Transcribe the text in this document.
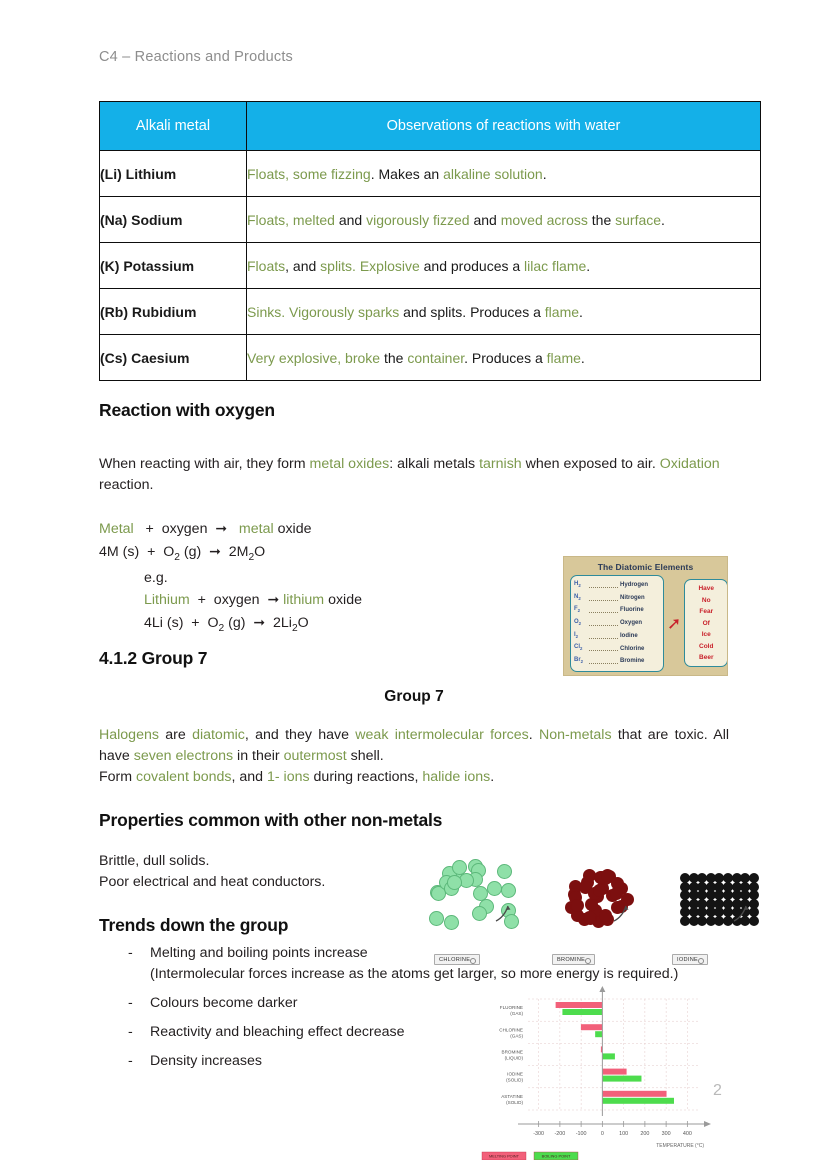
C4 – Reactions and Products
Alkali metal	Observations of reactions with water
(Li) Lithium	Floats, some fizzing. Makes an alkaline solution.
(Na) Sodium	Floats, melted and vigorously fizzed and moved across the surface.
(K) Potassium	Floats, and splits. Explosive and produces a lilac flame.
(Rb) Rubidium	Sinks. Vigorously sparks and splits. Produces a flame.
(Cs) Caesium	Very explosive, broke the container. Produces a flame.
Reaction with oxygen
When reacting with air, they form metal oxides: alkali metals tarnish when exposed to air. Oxidation reaction.
Metal   +  oxygen  ➞ metal oxide
4M $(s) + O_2$ (g)  ➞  $2M_2O$
e.g.
Lithium  +  oxygen  ➞ lithium oxide
4Li $(s) + O_2$ (g)  ➞  $2Li_2O$
The Diatomic Elements
$H_2$	Hydrogen
$N_2$	Nitrogen
$F_2$	Fluorine
$O_2$	Oxygen
$I_2$	Iodine
$Cl_2$	Chlorine
$Br_2$	Bromine
➚
Have
No
Fear
Of
Ice
Cold
Beer
4.1.2 Group 7
Group 7
Halogens are diatomic, and they have weak intermolecular forces. Non-metals that are toxic. All have seven electrons in their outermost shell.
Form covalent bonds, and 1- ions during reactions, halide ions.
Properties common with other non-metals
Brittle, dull solids.
Poor electrical and heat conductors.
CHLORINE	BROMINE	IODINE
Trends down the group
-	Melting and boiling points increase
(Intermolecular forces increase as the atoms get larger, so more energy is required.)
-	Colours become darker
-	Reactivity and bleaching effect decrease
-	Density increases
FLUORINE
(GAS)
CHLORINE
(GAS)
BROMINE
(LIQUID)
IODINE
(SOLID)
ASTATINE
(SOLID)
-300 -200 -100	0	100 200 300 400
TEMPERATURE (°C)
MELTING POINT	BOILING POINT
2
